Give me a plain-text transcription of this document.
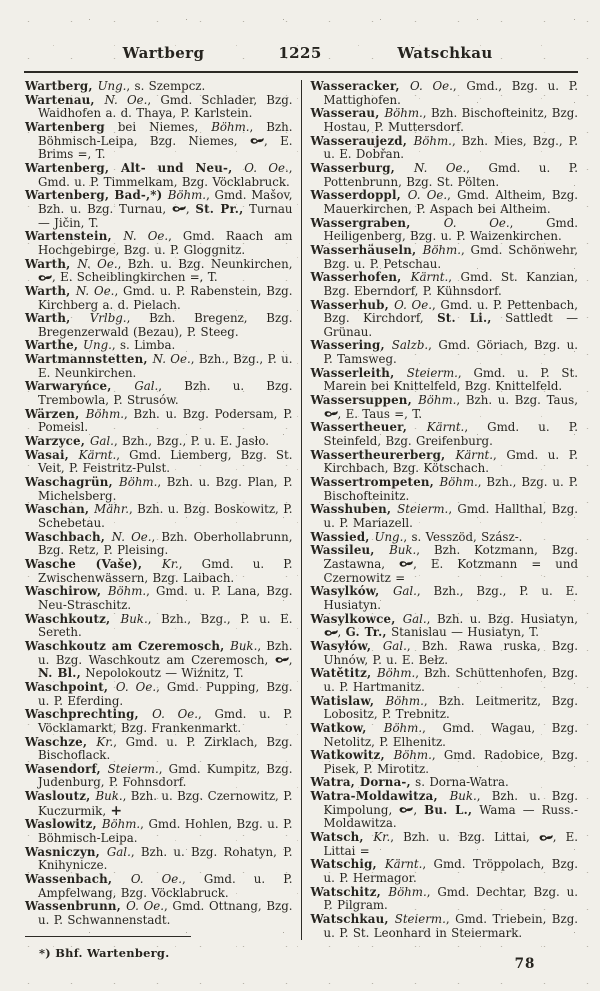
Wartberg	1225	Watschkau
Wartberg, Ung., s. Szempcz.
Wartenau, N. Oe., Gmd. Schlader, Bzg. Waidhofen a. d. Thaya, P. Karlstein.
Wartenberg bei Niemes, Böhm., Bzh. Böhmisch-Leipa, Bzg. Niemes, , E. Brims =, T.
Wartenberg, Alt- und Neu-, O. Oe., Gmd. u. P. Timmelkam, Bzg. Vöcklabruck.
Wartenberg, Bad-,*) Böhm., Gmd. Mašov, Bzh. u. Bzg. Turnau, , St. Pr., Turnau — Jičin, T.
Wartenstein, N. Oe., Gmd. Raach am Hochgebirge, Bzg. u. P. Gloggnitz.
Warth, N. Oe., Bzh. u. Bzg. Neunkirchen, , E. Scheiblingkirchen =, T.
Warth, N. Oe., Gmd. u. P. Rabenstein, Bzg. Kirchberg a. d. Pielach.
Warth, Vrlbg., Bzh. Bregenz, Bzg. Bregenzerwald (Bezau), P. Steeg.
Warthe, Ung., s. Limba.
Wartmannstetten, N. Oe., Bzh., Bzg., P. u. E. Neunkirchen.
Warwaryńce, Gal., Bzh. u. Bzg. Trembowla, P. Strusów.
Wärzen, Böhm., Bzh. u. Bzg. Podersam, P. Pomeisl.
Warzyce, Gal., Bzh., Bzg., P. u. E. Jasło.
Wasai, Kärnt., Gmd. Liemberg, Bzg. St. Veit, P. Feistritz-Pulst.
Waschagrün, Böhm., Bzh. u. Bzg. Plan, P. Michelsberg.
Waschan, Mähr., Bzh. u. Bzg. Boskowitz, P. Schebetau.
Waschbach, N. Oe., Bzh. Oberhollabrunn, Bzg. Retz, P. Pleising.
Wasche (Vaše), Kr., Gmd. u. P. Zwischenwässern, Bzg. Laibach.
Waschirow, Böhm., Gmd. u. P. Lana, Bzg. Neu-Straschitz.
Waschkoutz, Buk., Bzh., Bzg., P. u. E. Sereth.
Waschkoutz am Czeremosch, Buk., Bzh. u. Bzg. Waschkoutz am Czeremosch, , N. Bl., Nepolokoutz — Wiźnitz, T.
Waschpoint, O. Oe., Gmd. Pupping, Bzg. u. P. Eferding.
Waschprechting, O. Oe., Gmd. u. P. Vöcklamarkt, Bzg. Frankenmarkt.
Waschze, Kr., Gmd. u. P. Zirklach, Bzg. Bischoflack.
Wasendorf, Steierm., Gmd. Kumpitz, Bzg. Judenburg, P. Fohnsdorf.
Wasloutz, Buk., Bzh. u. Bzg. Czernowitz, P. Kuczurmik, +
Waslowitz, Böhm., Gmd. Hohlen, Bzg. u. P. Böhmisch-Leipa.
Wasniczyn, Gal., Bzh. u. Bzg. Rohatyn, P. Knihynicze.
Wassenbach, O. Oe., Gmd. u. P. Ampfelwang, Bzg. Vöcklabruck.
Wassenbrunn, O. Oe., Gmd. Ottnang, Bzg. u. P. Schwannenstadt.
Wasseracker, O. Oe., Gmd., Bzg. u. P. Mattighofen.
Wasserau, Böhm., Bzh. Bischofteinitz, Bzg. Hostau, P. Muttersdorf.
Wasseraujezd, Böhm., Bzh. Mies, Bzg., P. u. E. Dobřan.
Wasserburg, N. Oe., Gmd. u. P. Pottenbrunn, Bzg. St. Pölten.
Wasserdoppl, O. Oe., Gmd. Altheim, Bzg. Mauerkirchen, P. Aspach bei Altheim.
Wassergraben, O. Oe., Gmd. Heiligenberg, Bzg. u. P. Waizenkirchen.
Wasserhäuseln, Böhm., Gmd. Schönwehr, Bzg. u. P. Petschau.
Wasserhofen, Kärnt., Gmd. St. Kanzian, Bzg. Eberndorf, P. Kühnsdorf.
Wasserhub, O. Oe., Gmd. u. P. Pettenbach, Bzg. Kirchdorf, St. Li., Sattledt — Grünau.
Wassering, Salzb., Gmd. Göriach, Bzg. u. P. Tamsweg.
Wasserleith, Steierm., Gmd. u. P. St. Marein bei Knittelfeld, Bzg. Knittelfeld.
Wassersuppen, Böhm., Bzh. u. Bzg. Taus, , E. Taus =, T.
Wassertheuer, Kärnt., Gmd. u. P. Steinfeld, Bzg. Greifenburg.
Wassertheurerberg, Kärnt., Gmd. u. P. Kirchbach, Bzg. Kötschach.
Wassertrompeten, Böhm., Bzh., Bzg. u. P. Bischofteinitz.
Wasshuben, Steierm., Gmd. Hallthal, Bzg. u. P. Mariazell.
Wassied, Ung., s. Vesszöd, Szász-.
Wassileu, Buk., Bzh. Kotzmann, Bzg. Zastawna, , E. Kotzmann = und Czernowitz =
Wasylków, Gal., Bzh., Bzg., P. u. E. Husiatyn.
Wasylkowce, Gal., Bzh. u. Bzg. Husiatyn, , G. Tr., Stanislau — Husiatyn, T.
Wasyłów, Gal., Bzh. Rawa ruska, Bzg. Uhnów, P. u. E. Bełz.
Watětitz, Böhm., Bzh. Schüttenhofen, Bzg. u. P. Hartmanitz.
Watislaw, Böhm., Bzh. Leitmeritz, Bzg. Lobositz, P. Trebnitz.
Watkow, Böhm., Gmd. Wagau, Bzg. Netolitz, P. Elhenitz.
Watkowitz, Böhm., Gmd. Radobice, Bzg. Pisek, P. Mirotitz.
Watra, Dorna-, s. Dorna-Watra.
Watra-Moldawitza, Buk., Bzh. u. Bzg. Kimpolung, , Bu. L., Wama — Russ.-Moldawitza.
Watsch, Kr., Bzh. u. Bzg. Littai, , E. Littai =
Watschig, Kärnt., Gmd. Tröppolach, Bzg. u. P. Hermagor.
Watschitz, Böhm., Gmd. Dechtar, Bzg. u. P. Pilgram.
Watschkau, Steierm., Gmd. Triebein, Bzg. u. P. St. Leonhard in Steiermark.
*) Bhf. Wartenberg.
78
